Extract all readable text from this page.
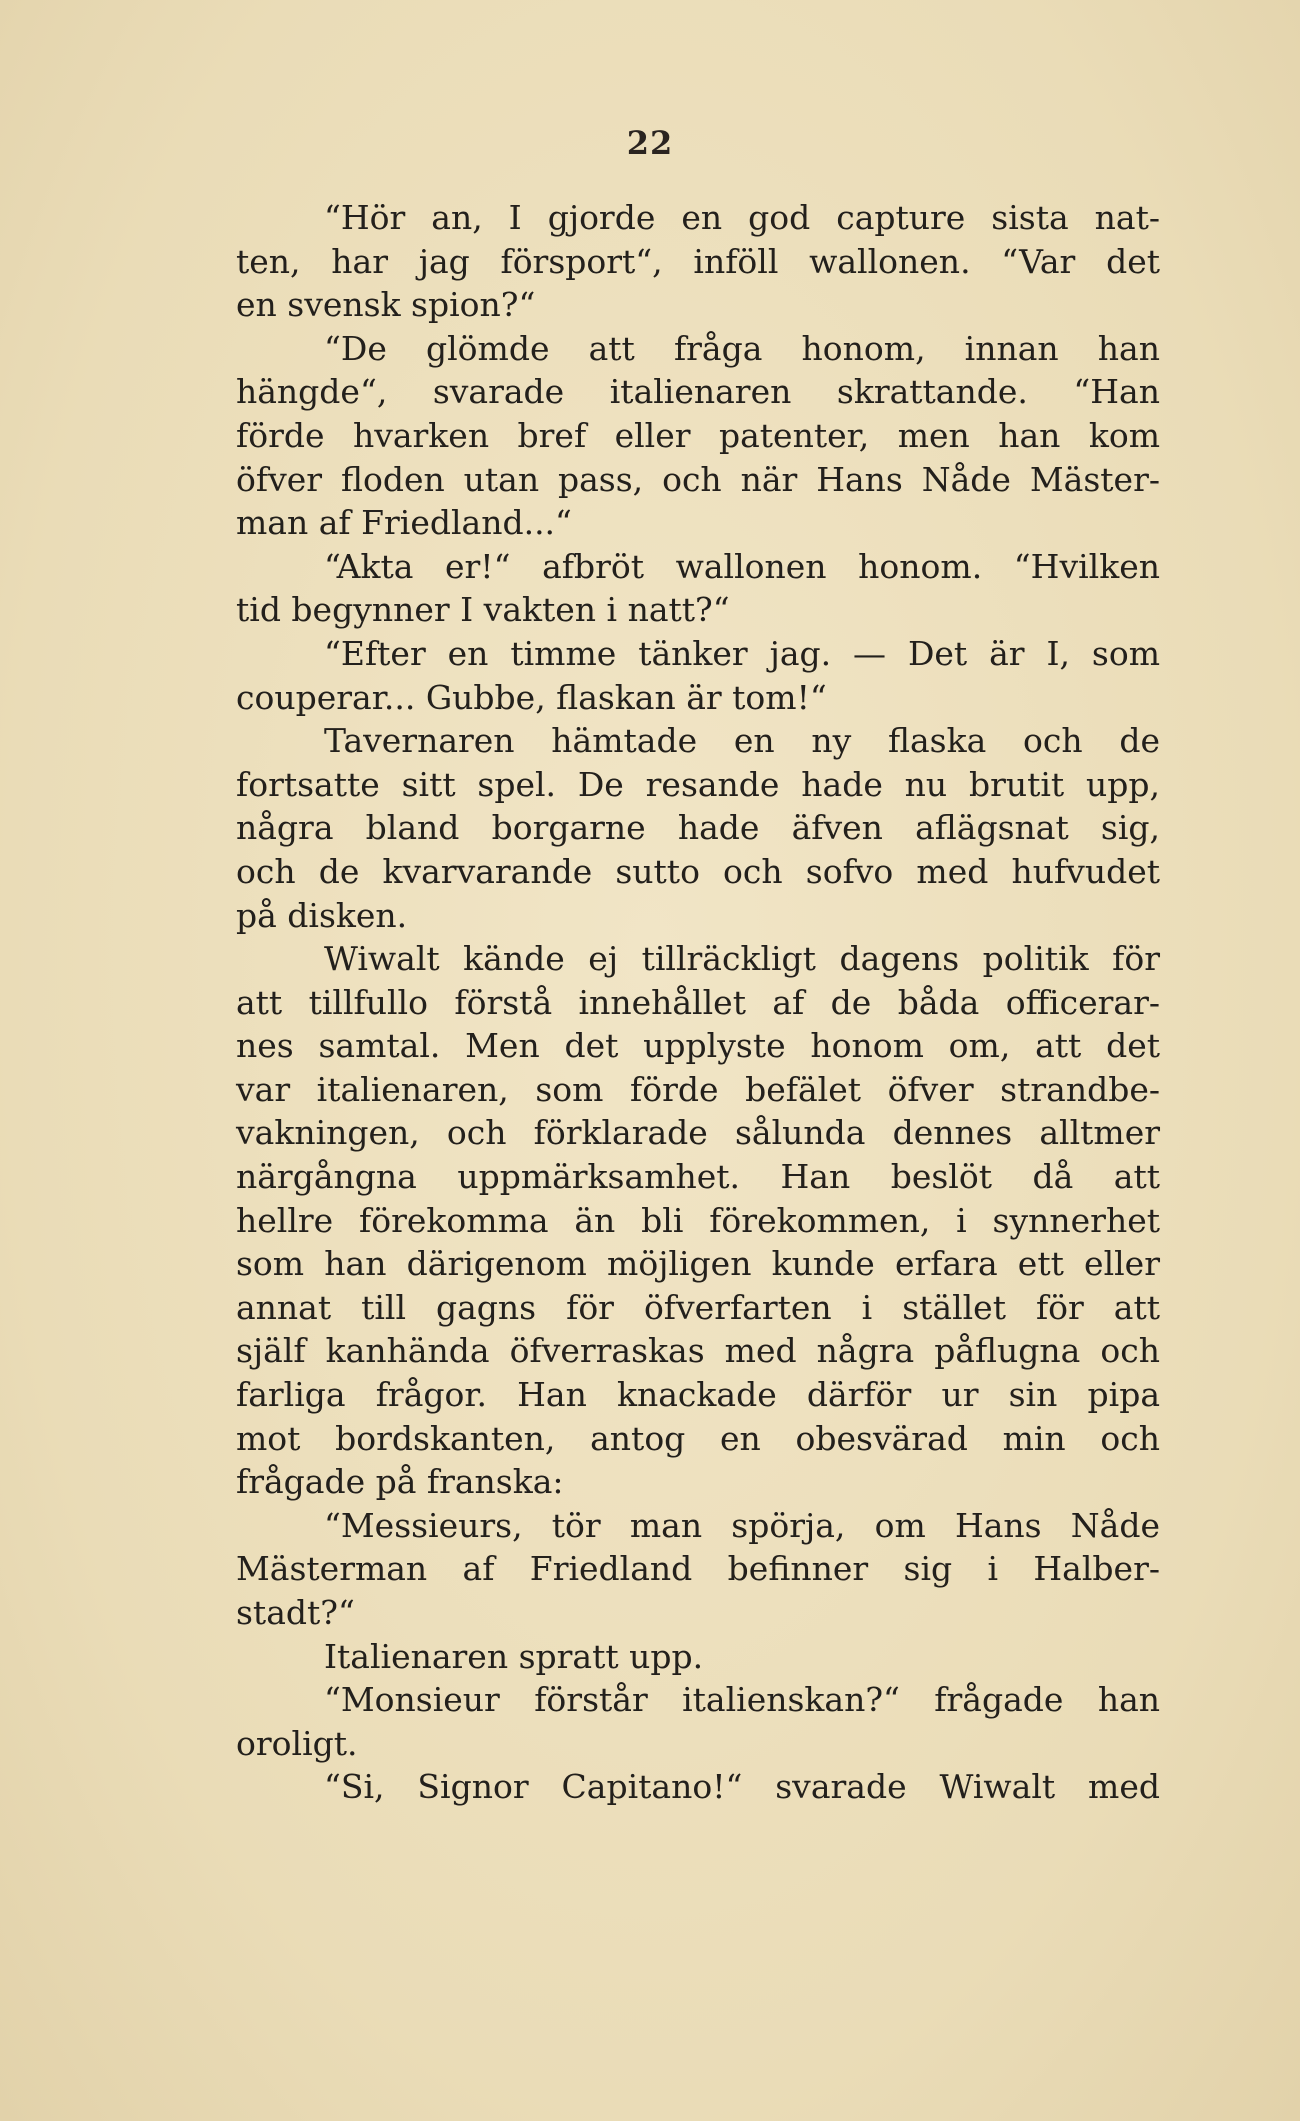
22
“Hör an, I gjorde en god capture sista nat-
ten, har jag försport“, inföll wallonen. “Var det
en svensk spion?“
“De glömde att fråga honom, innan han
hängde“, svarade italienaren skrattande. “Han
förde hvarken bref eller patenter, men han kom
öfver floden utan pass, och när Hans Nåde Mäster-
man af Friedland...“
“Akta er!“ afbröt wallonen honom. “Hvilken
tid begynner I vakten i natt?“
“Efter en timme tänker jag. — Det är I, som
couperar... Gubbe, flaskan är tom!“
Tavernaren hämtade en ny flaska och de
fortsatte sitt spel. De resande hade nu brutit upp,
några bland borgarne hade äfven aflägsnat sig,
och de kvarvarande sutto och sofvo med hufvudet
på disken.
Wiwalt kände ej tillräckligt dagens politik för
att tillfullo förstå innehållet af de båda officerar-
nes samtal. Men det upplyste honom om, att det
var italienaren, som förde befälet öfver strandbe-
vakningen, och förklarade sålunda dennes alltmer
närgångna uppmärksamhet. Han beslöt då att
hellre förekomma än bli förekommen, i synnerhet
som han därigenom möjligen kunde erfara ett eller
annat till gagns för öfverfarten i stället för att
själf kanhända öfverraskas med några påflugna och
farliga frågor. Han knackade därför ur sin pipa
mot bordskanten, antog en obesvärad min och
frågade på franska:
“Messieurs, tör man spörja, om Hans Nåde
Mästerman af Friedland befinner sig i Halber-
stadt?“
Italienaren spratt upp.
“Monsieur förstår italienskan?“ frågade han
oroligt.
“Si, Signor Capitano!“ svarade Wiwalt med
